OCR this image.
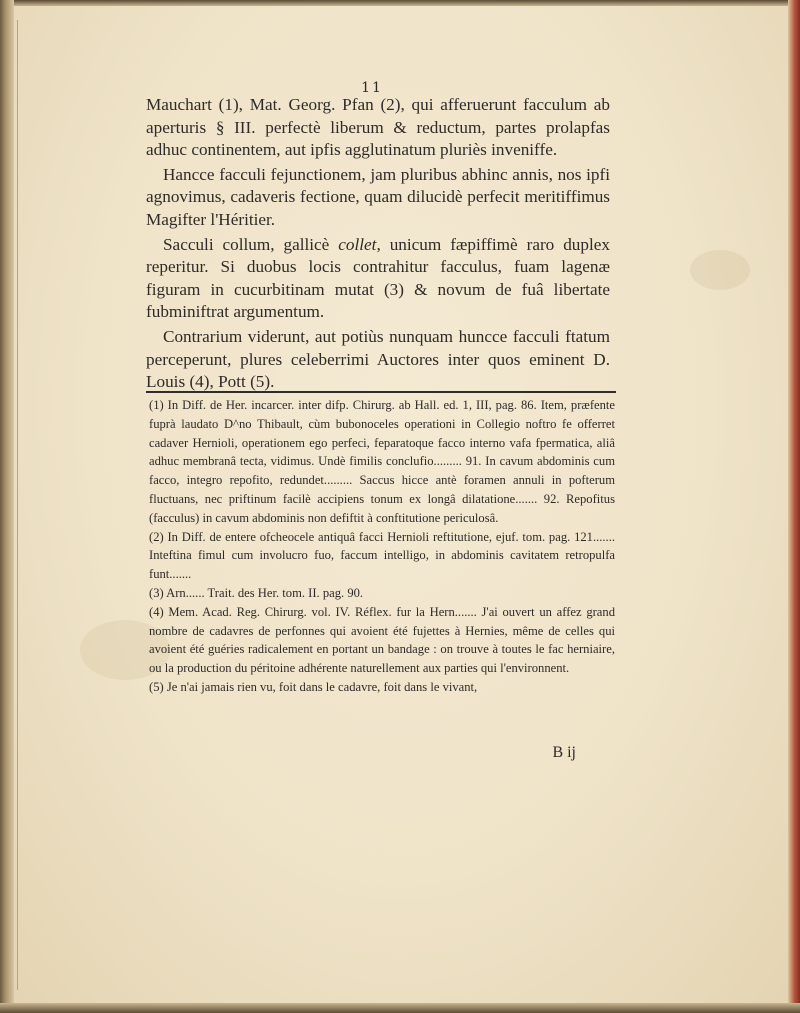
11

Mauchart (1), Mat. Georg. Pfan (2), qui afferuerunt facculum ab aperturis § III. perfectè liberum & reductum, partes prolapfas adhuc continentem, aut ipfis agglutinatum pluriès inveniffe.

Hancce facculi fejunctionem, jam pluribus abhinc annis, nos ipfi agnovimus, cadaveris fectione, quam dilucidè perfecit meritiffimus Magifter l'Héritier.

Sacculi collum, gallicè collet, unicum fæpiffimè raro duplex reperitur. Si duobus locis contrahitur facculus, fuam lagenæ figuram in cucurbitinam mutat (3) & novum de fuâ libertate fubminiftrat argumentum.

Contrarium viderunt, aut potiùs nunquam huncce facculi ftatum perceperunt, plures celeberrimi Auctores inter quos eminent D. Louis (4), Pott (5).

(1) In Diff. de Her. incarcer. inter difp. Chirurg. ab Hall. ed. 1, III, pag. 86. Item, præfente fuprà laudato D^no Thibault, cùm bubonoceles operationi in Collegio noftro fe offerret cadaver Hernioli, operationem ego perfeci, feparatoque facco interno vafa fpermatica, aliâ adhuc membranâ tecta, vidimus. Undè fimilis conclufio......... 91. In cavum abdominis cum facco, integro repofito, redundet......... Saccus hicce antè foramen annuli in pofterum fluctuans, nec priftinum facilè accipiens tonum ex longâ dilatatione....... 92. Repofitus (facculus) in cavum abdominis non defiftit à conftitutione periculosâ.

(2) In Diff. de entere ofcheocele antiquâ facci Hernioli reftitutione, ejuf. tom. pag. 121....... Inteftina fimul cum involucro fuo, faccum intelligo, in abdominis cavitatem retropulfa funt.......

(3) Arn...... Trait. des Her. tom. II. pag. 90.

(4) Mem. Acad. Reg. Chirurg. vol. IV. Réflex. fur la Hern....... J'ai ouvert un affez grand nombre de cadavres de perfonnes qui avoient été fujettes à Hernies, même de celles qui avoient été guéries radicalement en portant un bandage : on trouve à toutes le fac herniaire, ou la production du péritoine adhérente naturellement aux parties qui l'environnent.

(5) Je n'ai jamais rien vu, foit dans le cadavre, foit dans le vivant,

B ij
